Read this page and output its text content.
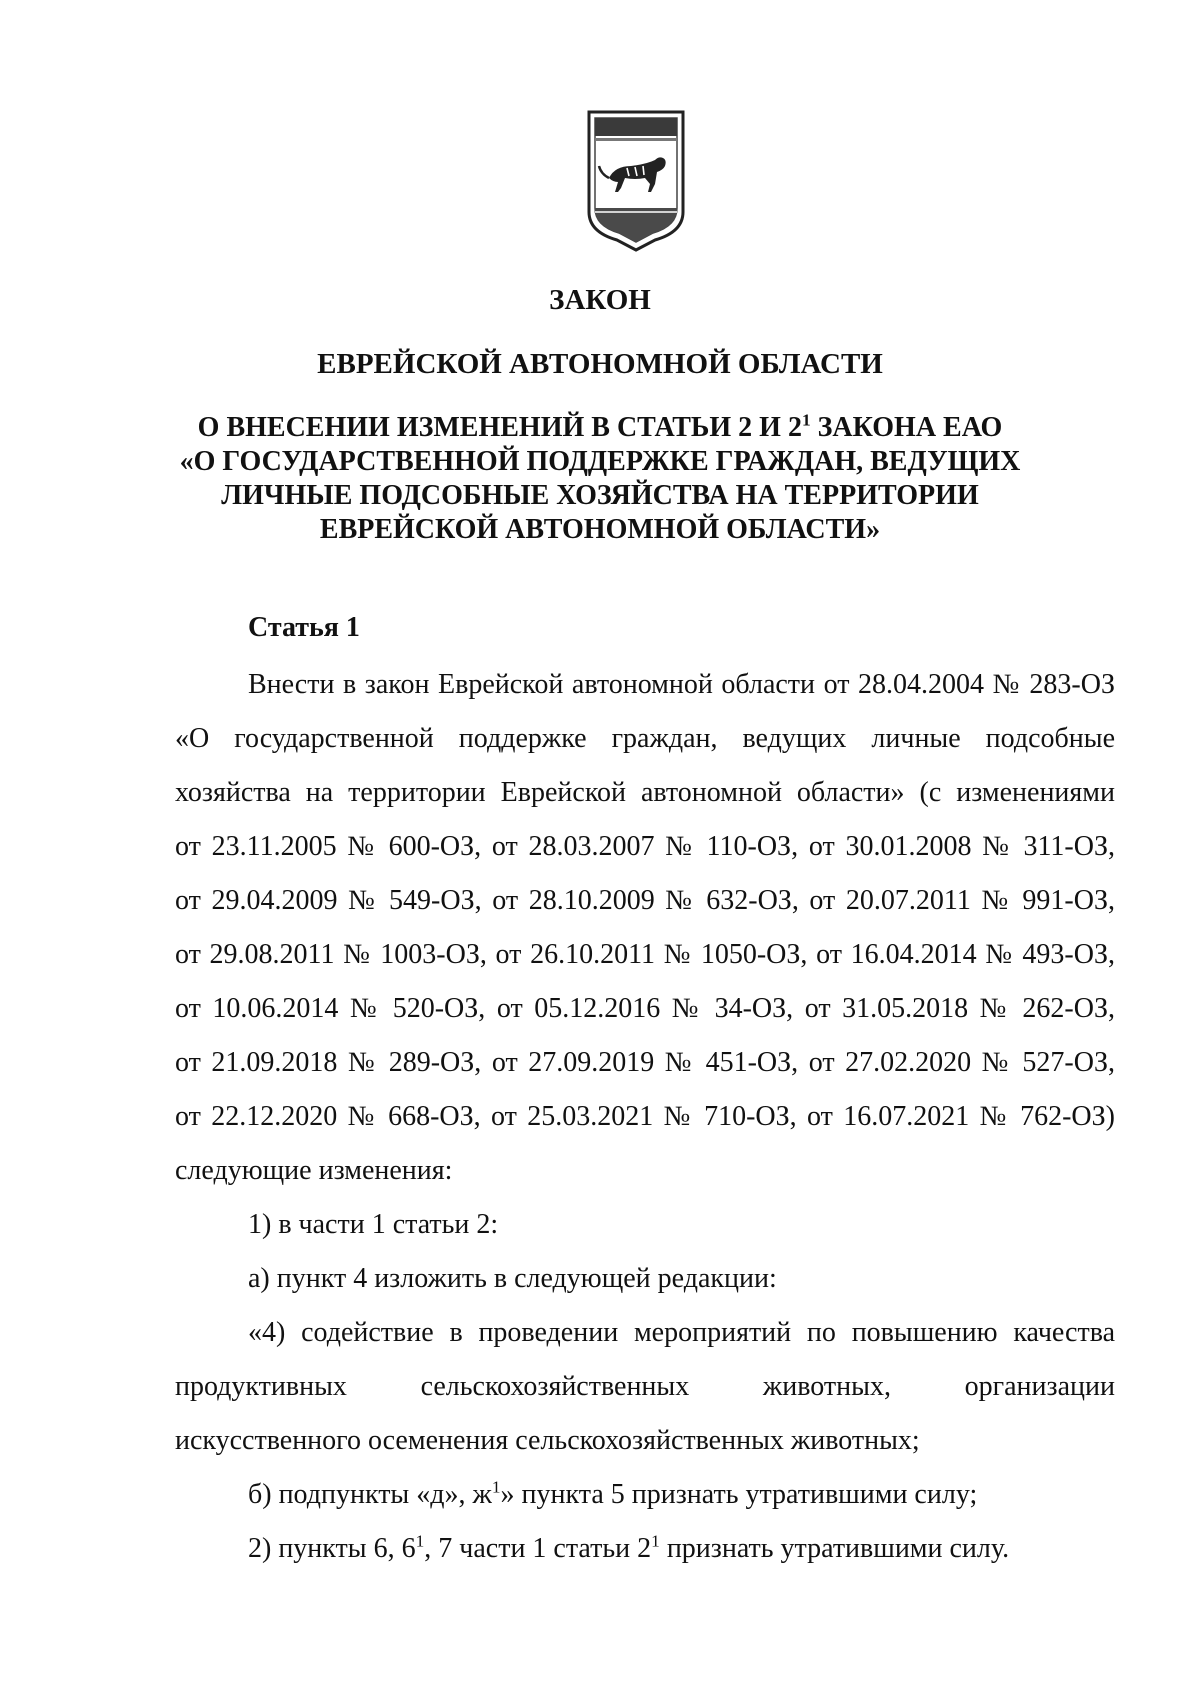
ЗАКОН

ЕВРЕЙСКОЙ АВТОНОМНОЙ ОБЛАСТИ

О ВНЕСЕНИИ ИЗМЕНЕНИЙ В СТАТЬИ 2 И $2^1$ ЗАКОНА ЕАО
«О ГОСУДАРСТВЕННОЙ ПОДДЕРЖКЕ ГРАЖДАН, ВЕДУЩИХ
ЛИЧНЫЕ ПОДСОБНЫЕ ХОЗЯЙСТВА НА ТЕРРИТОРИИ
ЕВРЕЙСКОЙ АВТОНОМНОЙ ОБЛАСТИ»

Статья 1

Внести в закон Еврейской автономной области от 28.04.2004 № 283-ОЗ
«О государственной поддержке граждан, ведущих личные подсобные
хозяйства на территории Еврейской автономной области» (с изменениями
от 23.11.2005 № 600-ОЗ, от 28.03.2007 № 110-ОЗ, от 30.01.2008 № 311-ОЗ,
от 29.04.2009 № 549-ОЗ, от 28.10.2009 № 632-ОЗ, от 20.07.2011 № 991-ОЗ,
от 29.08.2011 № 1003-ОЗ, от 26.10.2011 № 1050-ОЗ, от 16.04.2014 № 493-ОЗ,
от 10.06.2014 № 520-ОЗ, от 05.12.2016 № 34-ОЗ, от 31.05.2018 № 262-ОЗ,
от 21.09.2018 № 289-ОЗ, от 27.09.2019 № 451-ОЗ, от 27.02.2020 № 527-ОЗ,
от 22.12.2020 № 668-ОЗ, от 25.03.2021 № 710-ОЗ, от 16.07.2021 № 762-ОЗ)
следующие изменения:

1) в части 1 статьи 2:

а) пункт 4 изложить в следующей редакции:

«4) содействие в проведении мероприятий по повышению качества
продуктивных	сельскохозяйственных	животных,	организации
искусственного осеменения сельскохозяйственных животных;

б) подпункты «д», $ж^1$» пункта 5 признать утратившими силу;

2) пункты 6, $6^1$, 7 части 1 статьи $2^1$ признать утратившими силу.
